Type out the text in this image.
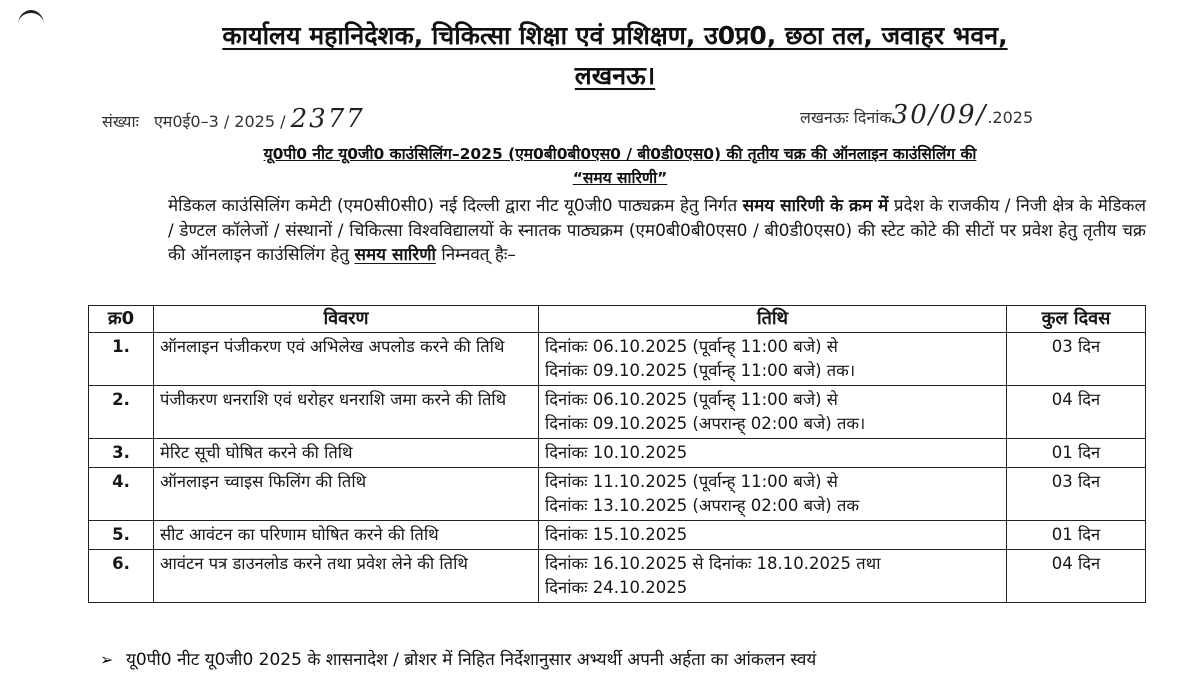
कार्यालय महानिदेशक, चिकित्सा शिक्षा एवं प्रशिक्षण, उ0प्र0, छठा तल, जवाहर भवन,
लखनऊ।
संख्याः एम0ई0–3 / 2025 / 2377	लखनऊः दिनांक30/09/.2025
यू0पी0 नीट यू0जी0 काउंसिलिंग–2025 (एम0बी0बी0एस0 / बी0डी0एस0) की तृतीय चक्र की ऑनलाइन काउंसिलिंग की
“समय सारिणी”

मेडिकल काउंसिलिंग कमेटी (एम0सी0सी0) नई दिल्ली द्वारा नीट यू0जी0 पाठ्यक्रम हेतु निर्गत समय सारिणी के क्रम में प्रदेश के राजकीय / निजी क्षेत्र के मेडिकल / डेण्टल कॉलेजों / संस्थानों / चिकित्सा विश्वविद्यालयों के स्नातक पाठ्यक्रम (एम0बी0बी0एस0 / बी0डी0एस0) की स्टेट कोटे की सीटों पर प्रवेश हेतु तृतीय चक्र की ऑनलाइन काउंसिलिंग हेतु समय सारिणी निम्नवत् हैः–

क्र0	विवरण	तिथि	कुल दिवस
1.	ऑनलाइन पंजीकरण एवं अभिलेख अपलोड करने की तिथि	दिनांकः 06.10.2025 (पूर्वान्ह् 11:00 बजे) से
दिनांकः 09.10.2025 (पूर्वान्ह् 11:00 बजे) तक।	03 दिन
2.	पंजीकरण धनराशि एवं धरोहर धनराशि जमा करने की तिथि	दिनांकः 06.10.2025 (पूर्वान्ह् 11:00 बजे) से
दिनांकः 09.10.2025 (अपरान्ह् 02:00 बजे) तक।	04 दिन
3.	मेरिट सूची घोषित करने की तिथि	दिनांकः 10.10.2025	01 दिन
4.	ऑनलाइन च्वाइस फिलिंग की तिथि	दिनांकः 11.10.2025 (पूर्वान्ह् 11:00 बजे) से
दिनांकः 13.10.2025 (अपरान्ह् 02:00 बजे) तक	03 दिन
5.	सीट आवंटन का परिणाम घोषित करने की तिथि	दिनांकः 15.10.2025	01 दिन
6.	आवंटन पत्र डाउनलोड करने तथा प्रवेश लेने की तिथि	दिनांकः 16.10.2025 से दिनांकः 18.10.2025 तथा
दिनांकः 24.10.2025	04 दिन
➢ यू0पी0 नीट यू0जी0 2025 के शासनादेश / ब्रोशर में निहित निर्देशानुसार अभ्यर्थी अपनी अर्हता का आंकलन स्वयं
